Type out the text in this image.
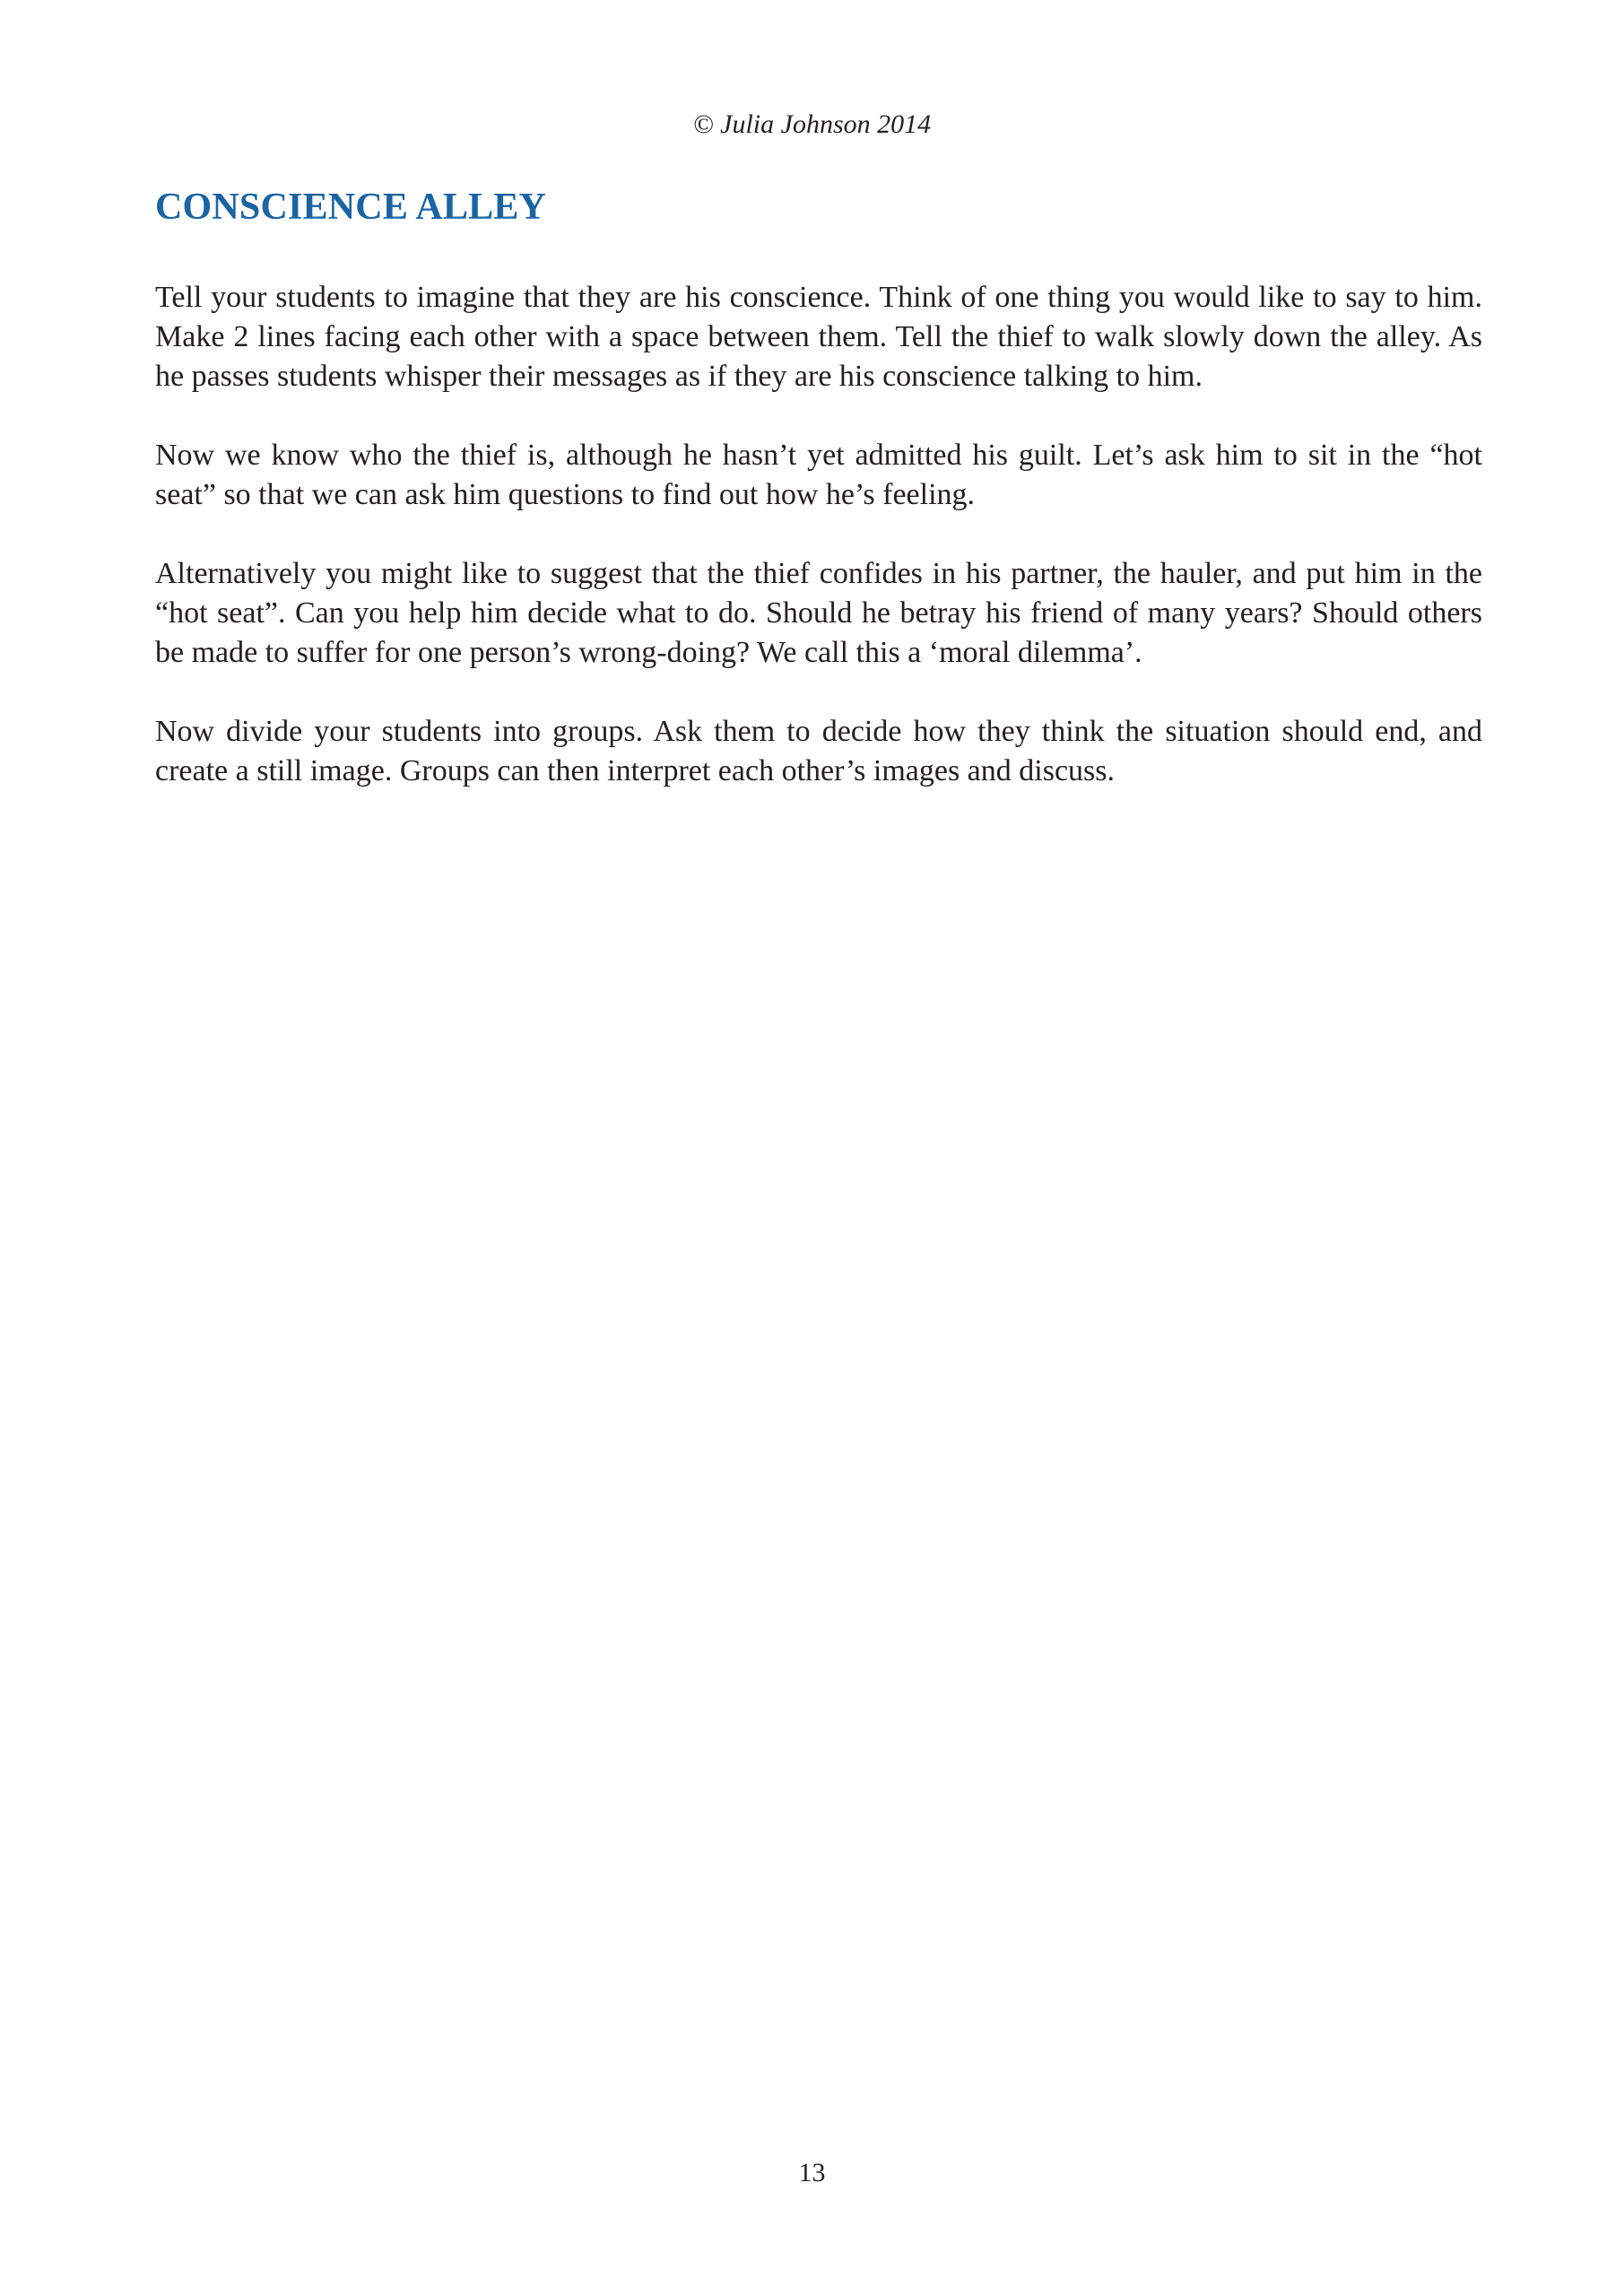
© Julia Johnson 2014
CONSCIENCE ALLEY

Tell your students to imagine that they are his conscience. Think of one thing you would like to say to him. Make 2 lines facing each other with a space between them. Tell the thief to walk slowly down the alley. As he passes students whisper their messages as if they are his conscience talking to him.

Now we know who the thief is, although he hasn’t yet admitted his guilt. Let’s ask him to sit in the “hot seat” so that we can ask him questions to find out how he’s feeling.

Alternatively you might like to suggest that the thief confides in his partner, the hauler, and put him in the “hot seat”. Can you help him decide what to do. Should he betray his friend of many years? Should others be made to suffer for one person’s wrong-doing? We call this a ‘moral dilemma’.

Now divide your students into groups. Ask them to decide how they think the situation should end, and create a still image. Groups can then interpret each other’s images and discuss.

13
